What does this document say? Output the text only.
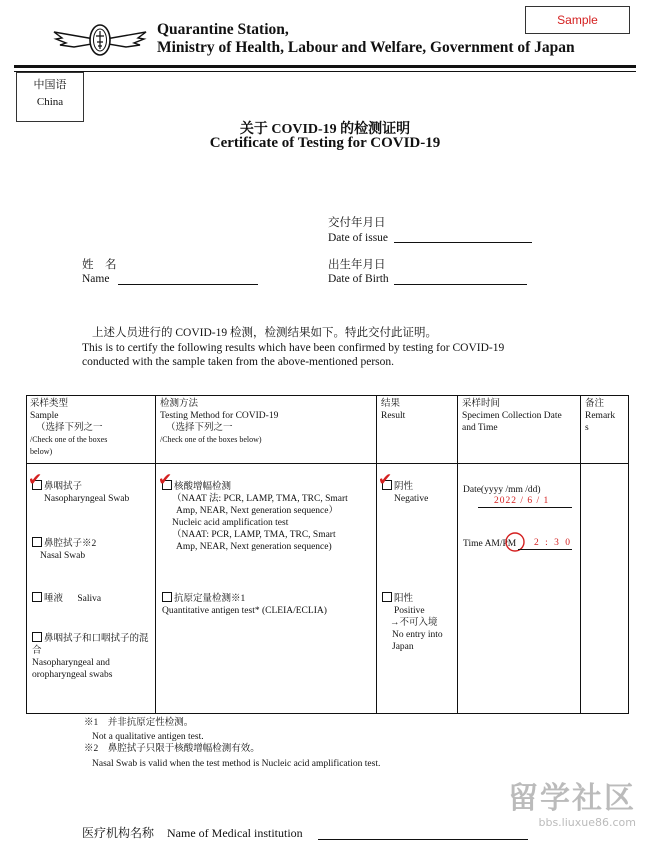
Quarantine Station,
Ministry of Health, Labour and Welfare, Government of Japan
Sample
中国语
China
关于 COVID-19 的检测证明
Certificate of Testing for COVID-19
交付年月日
Date of issue
姓　名
Name
出生年月日
Date of Birth
上述人员进行的 COVID-19 检测，检测结果如下。特此交付此证明。
This is to certify the following results which have been confirmed by testing for COVID-19
conducted with the sample taken from the above-mentioned person.
采样类型
Sample
（选择下列之一
/Check one of the boxes
below)
检测方法
Testing Method for COVID-19
（选择下列之一
/Check one of the boxes below)
结果
Result
采样时间
Specimen Collection Date
and Time
备注
Remark
s
鼻咽拭子
Nasopharyngeal Swab
✔
鼻腔拭子※2
Nasal Swab
唾液 Saliva
鼻咽拭子和口咽拭子的混合
Nasopharyngeal and
oropharyngeal swabs
核酸增幅检测
（NAAT 法: PCR, LAMP, TMA, TRC, Smart
Amp, NEAR, Next generation sequence）
Nucleic acid amplification test
（NAAT: PCR, LAMP, TMA, TRC, Smart
Amp, NEAR, Next generation sequence)
✔
抗原定量检测※1
Quantitative antigen test* (CLEIA/ECLIA)
阴性
Negative
✔
阳性
Positive
→不可入境
No entry into
Japan
Date(yyyy /mm /dd)
2022 / 6 / 1
Time AM/PM 2 : 3 0
※1　并非抗原定性检测。
Not a qualitative antigen test.
※2　鼻腔拭子只限于核酸增幅检测有效。
Nasal Swab is valid when the test method is Nucleic acid amplification test.
医疗机构名称 Name of Medical institution
留学社区
bbs.liuxue86.com
